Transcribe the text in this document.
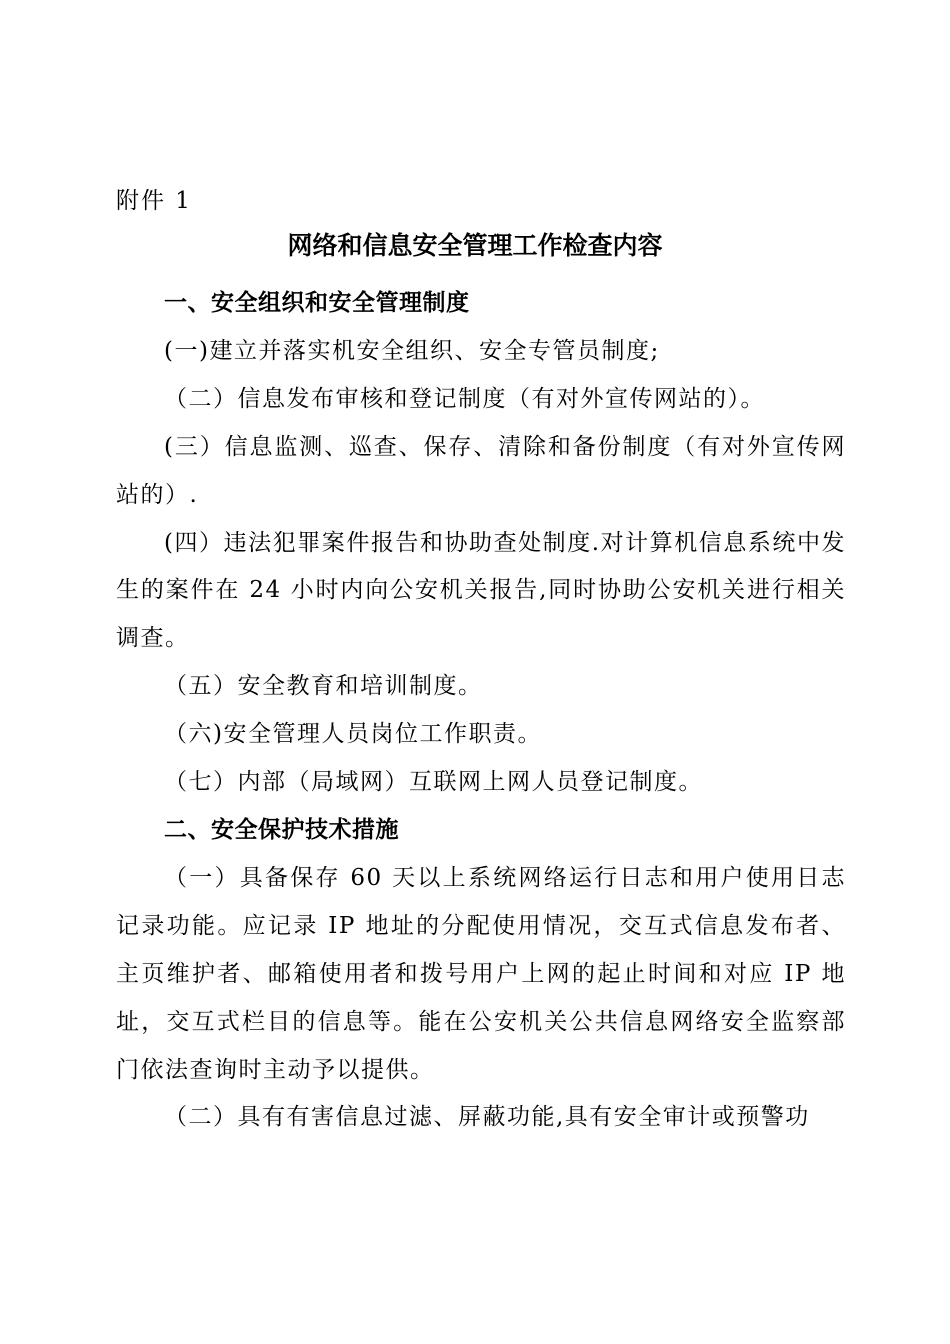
附件 1

网络和信息安全管理工作检查内容

一、安全组织和安全管理制度

(一)建立并落实机安全组织、安全专管员制度;

（二）信息发布审核和登记制度（有对外宣传网站的）。

(三）信息监测、巡查、保存、清除和备份制度（有对外宣传网站的）.

(四）违法犯罪案件报告和协助查处制度.对计算机信息系统中发生的案件在 24 小时内向公安机关报告,同时协助公安机关进行相关调查。

（五）安全教育和培训制度。

（六)安全管理人员岗位工作职责。

（七）内部（局域网）互联网上网人员登记制度。

二、安全保护技术措施

（一）具备保存 60 天以上系统网络运行日志和用户使用日志记录功能。应记录 IP 地址的分配使用情况，交互式信息发布者、主页维护者、邮箱使用者和拨号用户上网的起止时间和对应 IP 地址，交互式栏目的信息等。能在公安机关公共信息网络安全监察部门依法查询时主动予以提供。

（二）具有有害信息过滤、屏蔽功能,具有安全审计或预警功
